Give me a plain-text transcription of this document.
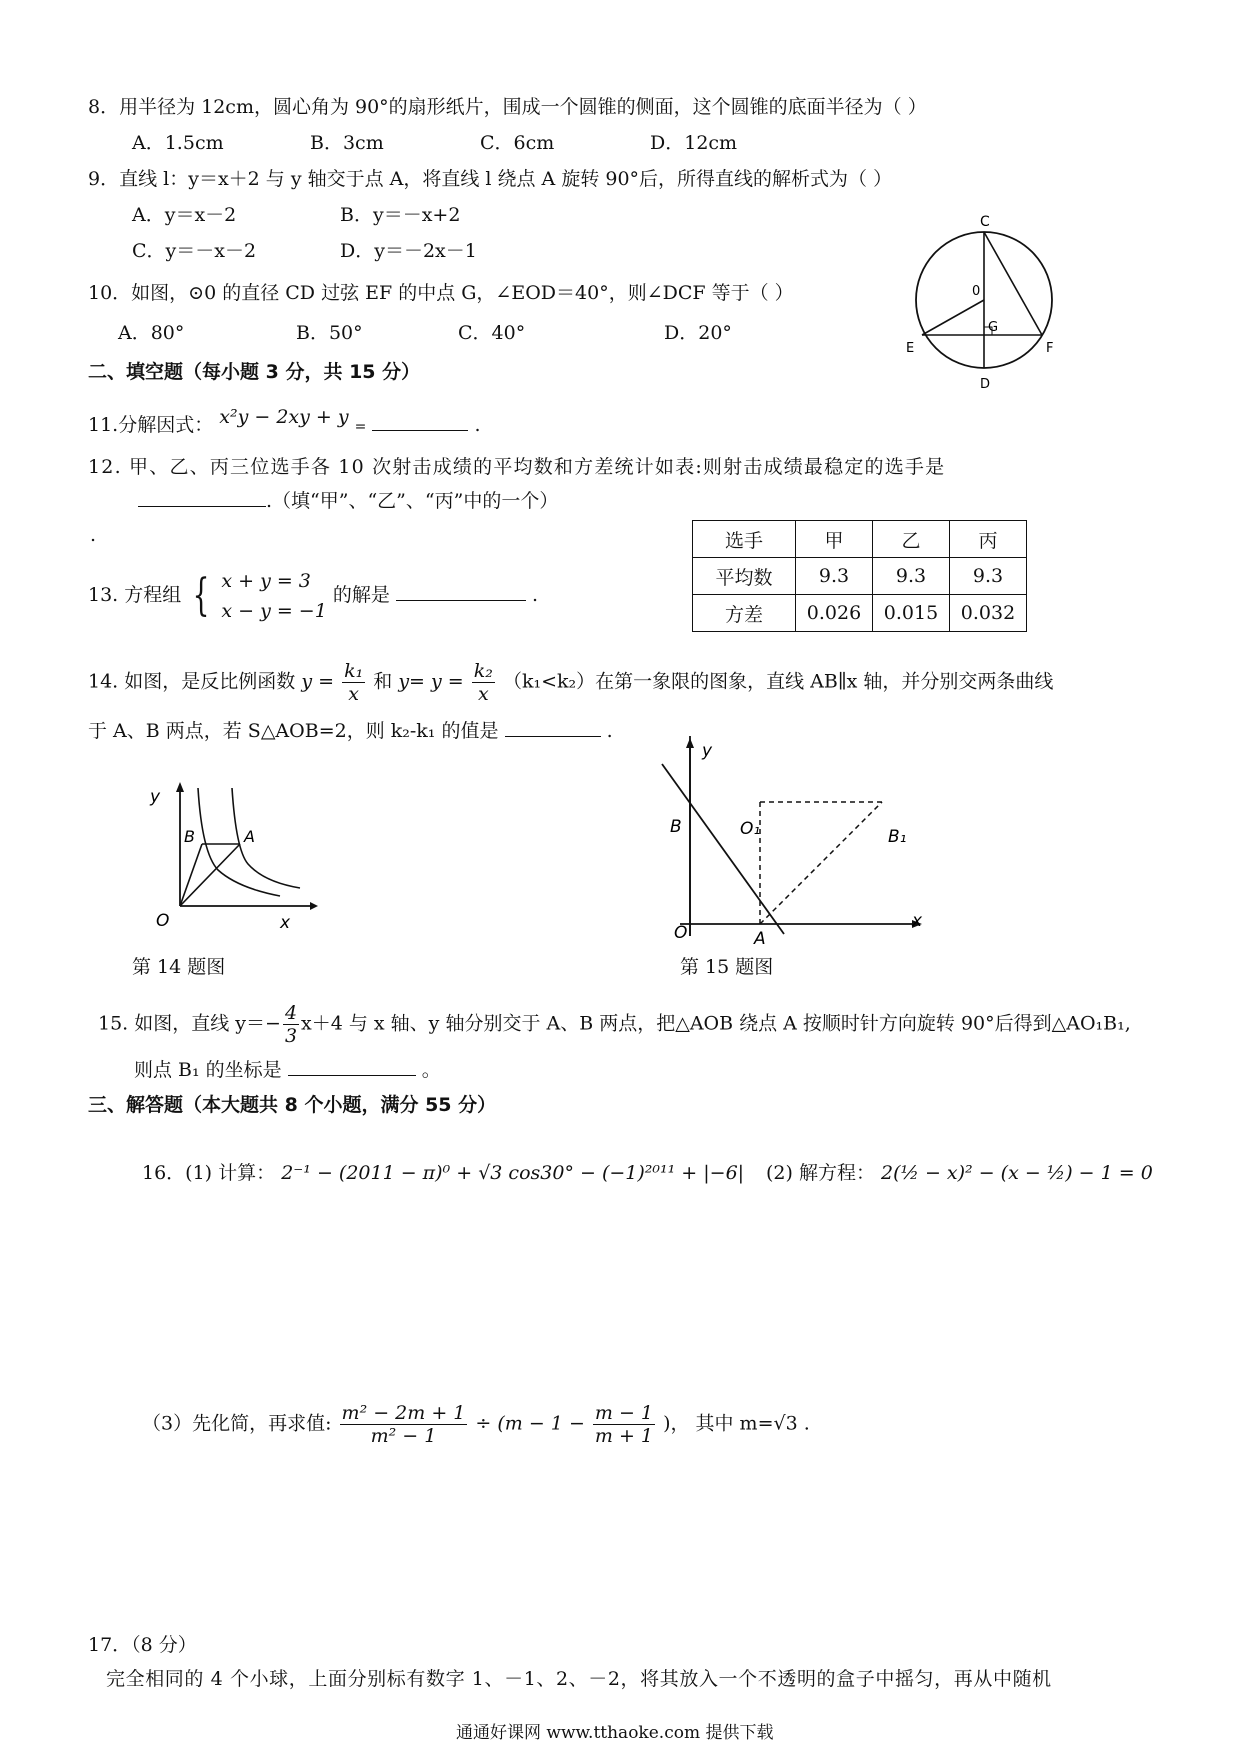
8．用半径为 12cm，圆心角为 90°的扇形纸片，围成一个圆锥的侧面，这个圆锥的底面半径为（ ）
A．1.5cm	B．3cm	C．6cm	D．12cm
9．直线 l：y＝x＋2 与 y 轴交于点 A，将直线 l 绕点 A 旋转 90°后，所得直线的解析式为（ ）
A．y＝x－2	B．y＝－x+2
C．y＝－x－2	D．y＝－2x－1
10．如图，⊙0 的直径 CD 过弦 EF 的中点 G，∠EOD＝40°，则∠DCF 等于（ ）
A．80°	B．50°	C．40°	D．20°
C
0
G
E	F
D
二、填空题（每小题 3 分，共 15 分）
11.分解因式： x²y − 2xy + y =	.
12. 甲、乙、丙三位选手各 10 次射击成绩的平均数和方差统计如表:则射击成绩最稳定的选手是
.（填“甲”、“乙”、“丙”中的一个）
.	选手	甲	乙	丙
平均数	9.3	9.3	9.3
方差	0.026	0.015	0.032
13. 方程组 { x + y = 3
x − y = −1
的解是	.
14. 如图，是反比例函数 $y = \frac{\text{k₁}}{x}$ 和 $y= y = \frac{\text{k₂}}{x} (k_1<k_2)$在第一象限的图象，直线 AB∥x 轴，并分别交两条曲线
于 A、B 两点，若 S△AOB=2，则 k₂-k₁ 的值是	.
y
x
O
B	A
第 14 题图
y
x
O	A
B	O₁	B₁
第 15 题图
15. 如图，直线 $y=- \frac{4}{3} x+4$ 与 x 轴、y 轴分别交于 A、B 两点，把△AOB 绕点 A 按顺时针方向旋转 90°后得到△AO₁B₁,
则点 B₁ 的坐标是	。
三、解答题（本大题共 8 个小题，满分 55 分）
16．(1) 计算： 2⁻¹ − (2011 − π)⁰ + √3 cos30° − (−1)²⁰¹¹ + |−6| (2) 解方程： 2(½ − x)² − (x − ½) − 1 = 0
（3）先化简，再求值: $\frac{\text{m² − 2m + 1}}{\text{m² − 1}} \div (m - 1 - \frac{m - 1}{m + 1}$ )， 其中 m=√3 .
17．（8 分）
完全相同的 4 个小球，上面分别标有数字 1、－1、2、－2，将其放入一个不透明的盒子中摇匀，再从中随机
通通好课网 www.tthaoke.com 提供下载
